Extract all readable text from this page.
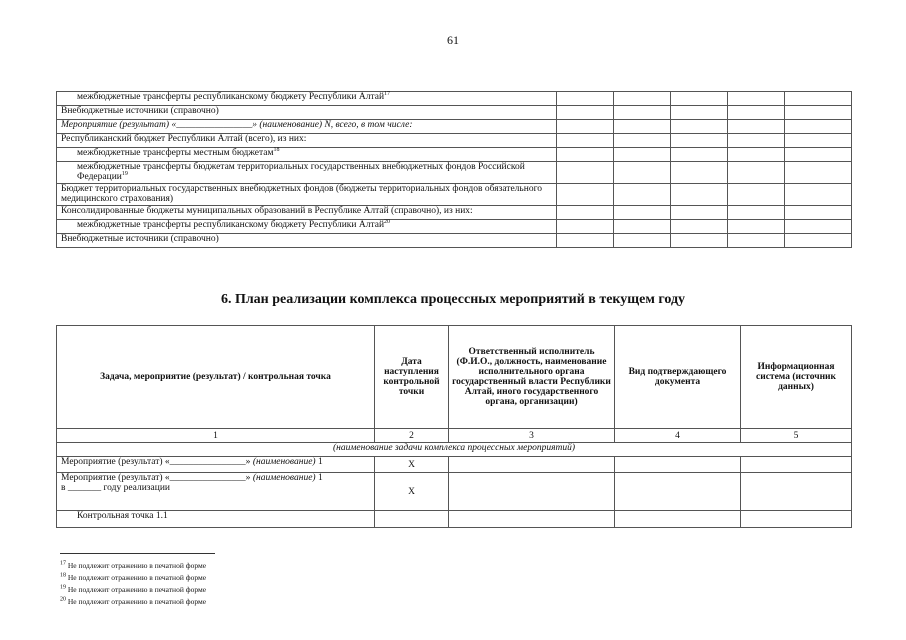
61
межбюджетные трансферты республиканскому бюджету Республики Алтай$^{17}$					
Внебюджетные источники (справочно)					
Мероприятие (результат) «________________» (наименование) N, всего, в том числе:					
Республиканский бюджет Республики Алтай (всего), из них:					
межбюджетные трансферты местным бюджетам$^{18}$					
межбюджетные трансферты бюджетам территориальных государственных внебюджетных фондов Российской Федерации$^{19}$					
Бюджет территориальных государственных внебюджетных фондов (бюджеты территориальных фондов обязательного медицинского страхования)					
Консолидированные бюджеты муниципальных образований в Республике Алтай (справочно), из них:					
межбюджетные трансферты республиканскому бюджету Республики Алтай$^{20}$					
Внебюджетные источники (справочно)					
6. План реализации комплекса процессных мероприятий в текущем году
Задача, мероприятие (результат) / контрольная точка	Дата наступления контрольной точки	Ответственный исполнитель (Ф.И.О., должность, наименование исполнительного органа государственный власти Республики Алтай, иного государственного органа, организации)	Вид подтверждающего документа	Информационная система (источник данных)
1	2	3	4	5
(наименование задачи комплекса процессных мероприятий)				
Мероприятие (результат) «________________» (наименование) 1	Х			
Мероприятие (результат) «________________» (наименование) 1
в _______ году реализации	Х			
Контрольная точка 1.1				
$^{17}$ Не подлежит отражению в печатной форме
$^{18}$ Не подлежит отражению в печатной форме
$^{19}$ Не подлежит отражению в печатной форме
$^{20}$ Не подлежит отражению в печатной форме
